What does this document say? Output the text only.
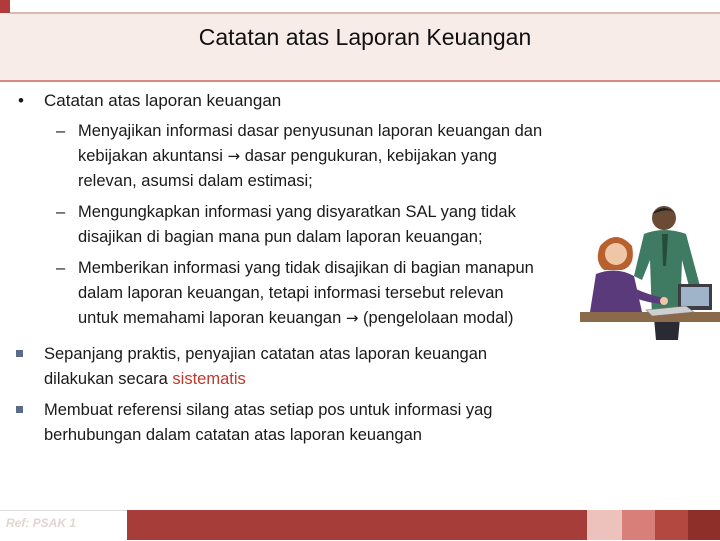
Catatan atas Laporan Keuangan
• Catatan atas laporan keuangan
– Menyajikan informasi dasar penyusunan laporan keuangan dan
kebijakan akuntansi → dasar pengukuran, kebijakan yang
relevan, asumsi dalam estimasi;
– Mengungkapkan informasi yang disyaratkan SAL yang tidak
disajikan di bagian mana pun dalam laporan keuangan;
– Memberikan informasi yang tidak disajikan di bagian manapun
dalam laporan keuangan, tetapi informasi tersebut relevan
untuk memahami laporan keuangan → (pengelolaan modal)
Sepanjang praktis, penyajian catatan atas laporan keuangan
dilakukan secara sistematis
Membuat referensi silang atas setiap pos untuk informasi yag
berhubungan dalam catatan atas laporan keuangan
Ref: PSAK 1
